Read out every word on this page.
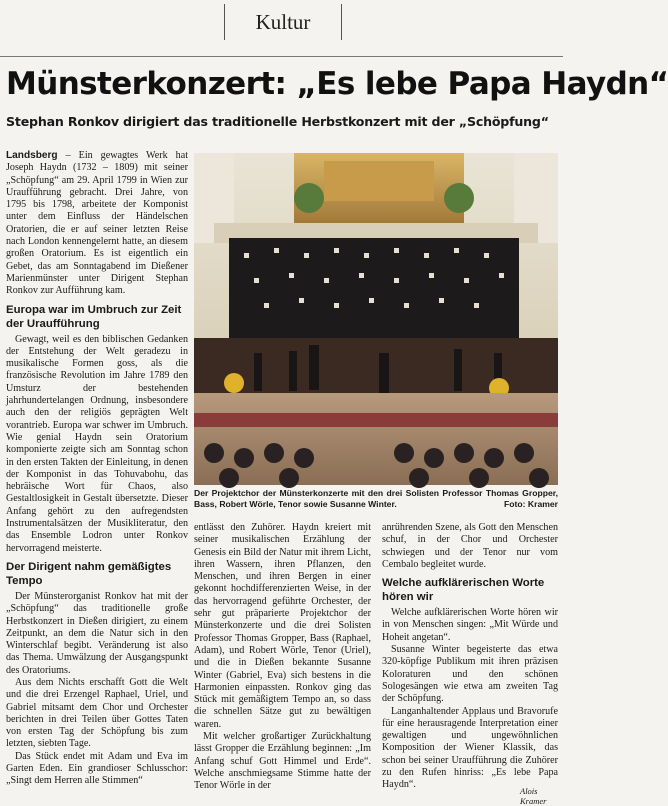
Kultur
Münsterkonzert: „Es lebe Papa Haydn“
Stephan Ronkov dirigiert das traditionelle Herbstkonzert mit der „Schöpfung“

Landsberg – Ein gewagtes Werk hat Joseph Haydn (1732 – 1809) mit seiner „Schöpfung“ am 29. April 1799 in Wien zur Uraufführung gebracht. Drei Jahre, von 1795 bis 1798, arbeitete der Komponist unter dem Einfluss der Händelschen Oratorien, die er auf seiner letzten Reise nach London kennengelernt hatte, an diesem großen Oratorium. Es ist eigentlich ein Gebet, das am Sonntagabend im Dießener Marienmünster unter Dirigent Stephan Ronkov zur Aufführung kam.

Europa war im Umbruch zur Zeit der Uraufführung

Gewagt, weil es den biblischen Gedanken der Entstehung der Welt geradezu in musikalische Formen goss, als die französische Revolution im Jahre 1789 den Umsturz der bestehenden jahrhundertelangen Ordnung, insbesondere auch den der religiös geprägten Welt vorantrieb. Europa war schwer im Umbruch. Wie genial Haydn sein Oratorium komponierte zeigte sich am Sonntag schon in den ersten Takten der Einleitung, in denen der Komponist in das Tohuvabohu, das hebräische Wort für Chaos, also Gestaltlosigkeit in Gestalt übersetzte. Dieser Anfang gehört zu den aufregendsten Instrumentalsätzen der Musikliteratur, den das Ensemble Lodron unter Ronkov hervorragend meisterte.

Der Dirigent nahm gemäßigtes Tempo

Der Münsterorganist Ronkov hat mit der „Schöpfung“ das traditionelle große Herbstkonzert in Dießen dirigiert, zu einem Zeitpunkt, an dem die Natur sich in den Winterschlaf begibt. Veränderung ist also das Thema. Umwälzung der Ausgangspunkt des Oratoriums.

Aus dem Nichts erschafft Gott die Welt und die drei Erzengel Raphael, Uriel, und Gabriel mitsamt dem Chor und Orchester berichten in drei Teilen über Gottes Taten von ersten Tag der Schöpfung bis zum letzten, siebten Tage.

Das Stück endet mit Adam und Eva im Garten Eden. Ein grandioser Schlusschor: „Singt dem Herren alle Stimmen“

Der Projektchor der Münsterkonzerte mit den drei Solisten Professor Thomas Gropper, Bass, Robert Wörle, Tenor sowie Susanne Winter.	Foto: Kramer

entlässt den Zuhörer. Haydn kreiert mit seiner musikalischen Erzählung der Genesis ein Bild der Natur mit ihrem Licht, ihren Wassern, ihren Pflanzen, den Menschen, und ihren Bergen in einer gekonnt hochdifferenzierten Weise, in der das hervorragend geführte Orchester, der sehr gut präparierte Projektchor der Münsterkonzerte und die drei Solisten Professor Thomas Gropper, Bass (Raphael, Adam), und Robert Wörle, Tenor (Uriel), und die in Dießen bekannte Susanne Winter (Gabriel, Eva) sich bestens in die Harmonien einpassten. Ronkov ging das Stück mit gemäßigtem Tempo an, so dass die schnellen Sätze gut zu bewältigen waren.

Mit welcher großartiger Zurückhaltung lässt Gropper die Erzählung beginnen: „Im Anfang schuf Gott Himmel und Erde“. Welche anschmiegsame Stimme hatte der Tenor Wörle in der

anrührenden Szene, als Gott den Menschen schuf, in der Chor und Orchester schwiegen und der Tenor nur vom Cembalo begleitet wurde.

Welche aufklärerischen Worte hören wir

Welche aufklärerischen Worte hören wir in von Menschen singen: „Mit Würde und Hoheit angetan“.

Susanne Winter begeisterte das etwa 320-köpfige Publikum mit ihren präzisen Koloraturen und den schönen Sologesängen wie etwa am zweiten Tag der Schöpfung.

Langanhaltender Applaus und Bravorufe für eine herausragende Interpretation einer gewaltigen und ungewöhnlichen Komposition der Wiener Klassik, das schon bei seiner Uraufführung die Zuhörer zu den Rufen hinriss: „Es lebe Papa Haydn“.

Alois Kramer
